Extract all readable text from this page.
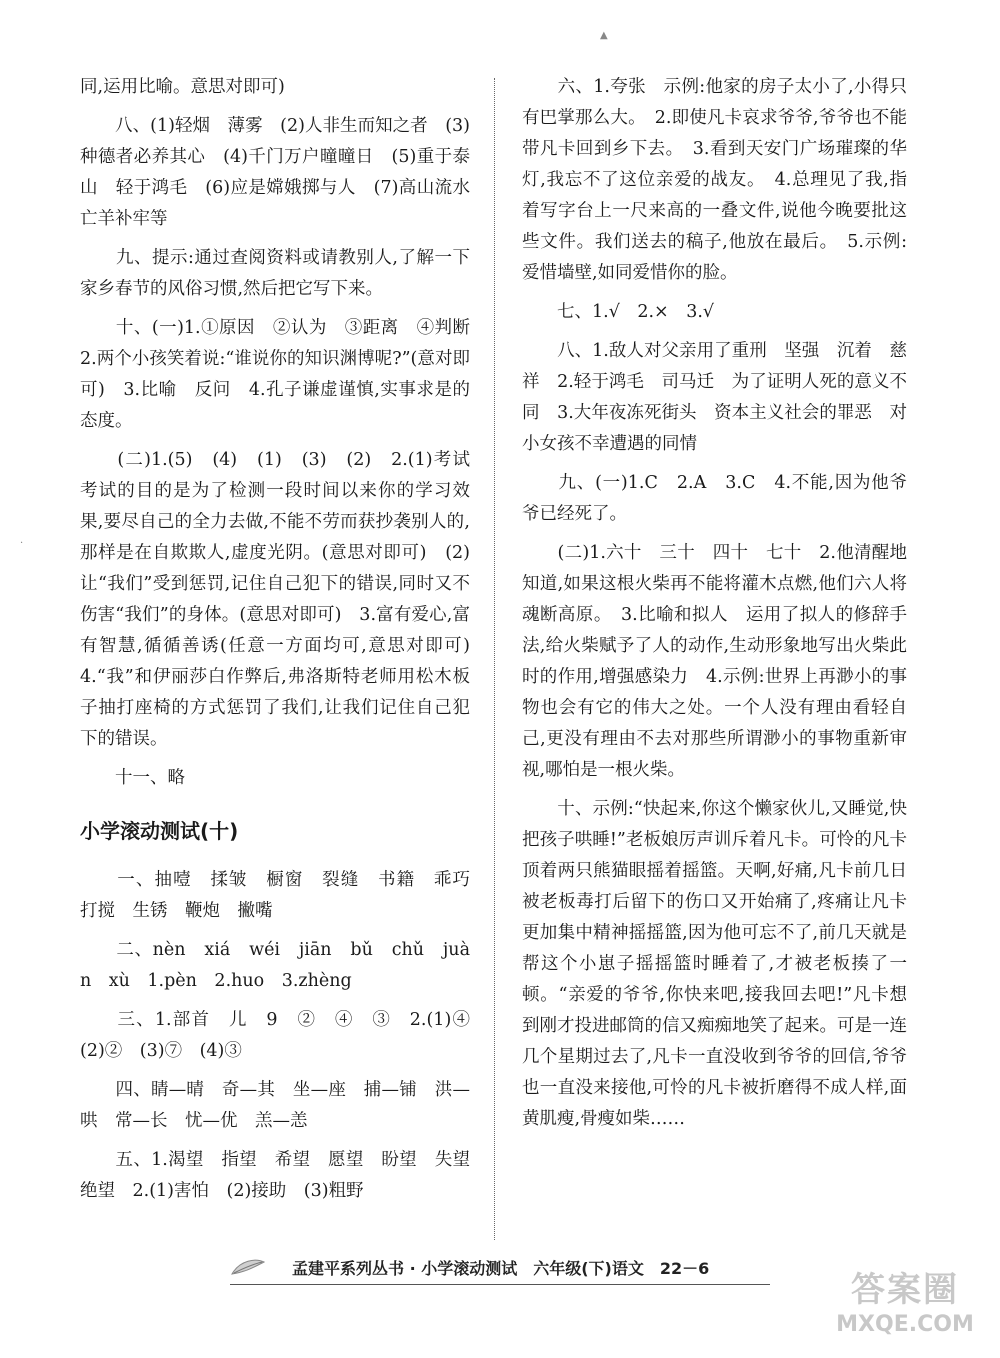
▲
·

同,运用比喻。意思对即可)

　　八、(1)轻烟　薄雾　(2)人非生而知之者　(3)种德者必养其心　(4)千门万户曈曈日　(5)重于泰山　轻于鸿毛　(6)应是嫦娥掷与人　(7)高山流水　亡羊补牢等

　　九、提示:通过查阅资料或请教别人,了解一下家乡春节的风俗习惯,然后把它写下来。

　　十、(一)1.①原因　②认为　③距离　④判断　2.两个小孩笑着说:“谁说你的知识渊博呢?”(意对即可)　3.比喻　反问　4.孔子谦虚谨慎,实事求是的态度。

　　(二)1.(5)　(4)　(1)　(3)　(2)　2.(1)考试　考试的目的是为了检测一段时间以来你的学习效果,要尽自己的全力去做,不能不劳而获抄袭别人的,那样是在自欺欺人,虚度光阴。(意思对即可)　(2)让“我们”受到惩罚,记住自己犯下的错误,同时又不伤害“我们”的身体。(意思对即可)　3.富有爱心,富有智慧,循循善诱(任意一方面均可,意思对即可)　4.“我”和伊丽莎白作弊后,弗洛斯特老师用松木板子抽打座椅的方式惩罚了我们,让我们记住自己犯下的错误。

　　十一、略

小学滚动测试(十)

　　一、抽噎　揉皱　橱窗　裂缝　书籍　乖巧　打搅　生锈　鞭炮　撇嘴

　　二、nèn　xiá　wéi　jiān　bǔ　chǔ　juàn　xù　1.pèn　2.huo　3.zhèng

　　三、1.部首　儿　9　②　④　③　2.(1)④　(2)②　(3)⑦　(4)③

　　四、睛—晴　奇—其　坐—座　捕—铺　洪—哄　常—长　忧—优　羔—恙

　　五、1.渴望　指望　希望　愿望　盼望　失望　绝望　2.(1)害怕　(2)接助　(3)粗野

　　六、1.夸张　示例:他家的房子太小了,小得只有巴掌那么大。　2.即使凡卡哀求爷爷,爷爷也不能带凡卡回到乡下去。　3.看到天安门广场璀璨的华灯,我忘不了这位亲爱的战友。　4.总理见了我,指着写字台上一尺来高的一叠文件,说他今晚要批这些文件。我们送去的稿子,他放在最后。　5.示例:爱惜墙壁,如同爱惜你的脸。

　　七、1.√　2.×　3.√

　　八、1.敌人对父亲用了重刑　坚强　沉着　慈祥　2.轻于鸿毛　司马迁　为了证明人死的意义不同　3.大年夜冻死街头　资本主义社会的罪恶　对小女孩不幸遭遇的同情

　　九、(一)1.C　2.A　3.C　4.不能,因为他爷爷已经死了。

　　(二)1.六十　三十　四十　七十　2.他清醒地知道,如果这根火柴再不能将灌木点燃,他们六人将魂断高原。　3.比喻和拟人　运用了拟人的修辞手法,给火柴赋予了人的动作,生动形象地写出火柴此时的作用,增强感染力　4.示例:世界上再渺小的事物也会有它的伟大之处。一个人没有理由看轻自己,更没有理由不去对那些所谓渺小的事物重新审视,哪怕是一根火柴。

　　十、示例:“快起来,你这个懒家伙儿,又睡觉,快把孩子哄睡!”老板娘厉声训斥着凡卡。可怜的凡卡顶着两只熊猫眼摇着摇篮。天啊,好痛,凡卡前几日被老板毒打后留下的伤口又开始痛了,疼痛让凡卡更加集中精神摇摇篮,因为他可忘不了,前几天就是帮这个小崽子摇摇篮时睡着了,才被老板揍了一顿。“亲爱的爷爷,你快来吧,接我回去吧!”凡卡想到刚才投进邮筒的信又痴痴地笑了起来。可是一连几个星期过去了,凡卡一直没收到爷爷的回信,爷爷也一直没来接他,可怜的凡卡被折磨得不成人样,面黄肌瘦,骨瘦如柴……

孟建平系列丛书 · 小学滚动测试　六年级(下)语文　22－6
答案圈
MXQE.COM
